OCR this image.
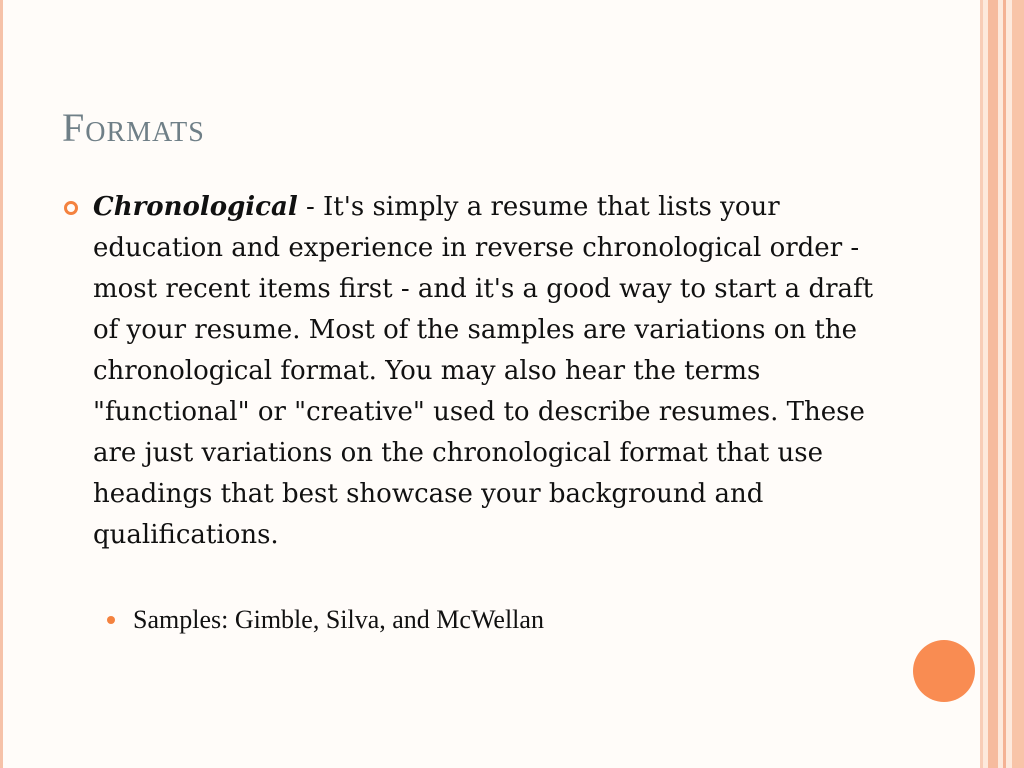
Formats
Chronological - It's simply a resume that lists your education and experience in reverse chronological order - most recent items first - and it's a good way to start a draft of your resume. Most of the samples are variations on the chronological format. You may also hear the terms "functional" or "creative" used to describe resumes. These are just variations on the chronological format that use headings that best showcase your background and qualifications.
Samples: Gimble, Silva, and McWellan
